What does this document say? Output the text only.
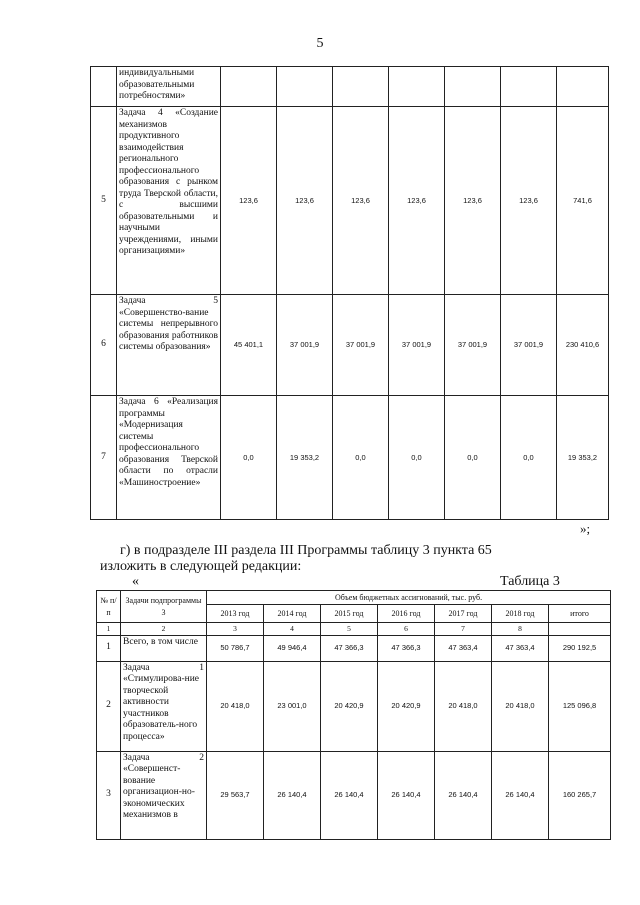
5
	индивидуальными образовательными потребностями»							
5	Задача 4 «Создание механизмов продуктивного взаимодействия регионального профессионального образования с рынком труда Тверской области, с высшими образовательными и научными учреждениями, иными организациями»	123,6	123,6	123,6	123,6	123,6	123,6	741,6
6	Задача 5 «Совершенство-вание системы непрерывного образования работников системы образования»	45 401,1	37 001,9	37 001,9	37 001,9	37 001,9	37 001,9	230 410,6
7	Задача 6 «Реализация программы «Модернизация системы профессионального образования Тверской области по отрасли «Машиностроение»	0,0	19 353,2	0,0	0,0	0,0	0,0	19 353,2
»;
г) в подразделе III раздела III Программы таблицу 3 пункта 65
изложить в следующей редакции:
«	Таблица 3
№ п/п	Задачи подпрограммы 3	Объем бюджетных ассигнований, тыс. руб.						
		2013 год	2014 год	2015 год	2016 год	2017 год	2018 год	итого
1	2	3	4	5	6	7	8	
1	Всего, в том числе	50 786,7	49 946,4	47 366,3	47 366,3	47 363,4	47 363,4	290 192,5
2	Задача 1 «Стимулирова-ние творческой активности участников образователь-ного процесса»	20 418,0	23 001,0	20 420,9	20 420,9	20 418,0	20 418,0	125 096,8
3	Задача 2 «Совершенст-вование организацион-но-экономических механизмов в	29 563,7	26 140,4	26 140,4	26 140,4	26 140,4	26 140,4	160 265,7
